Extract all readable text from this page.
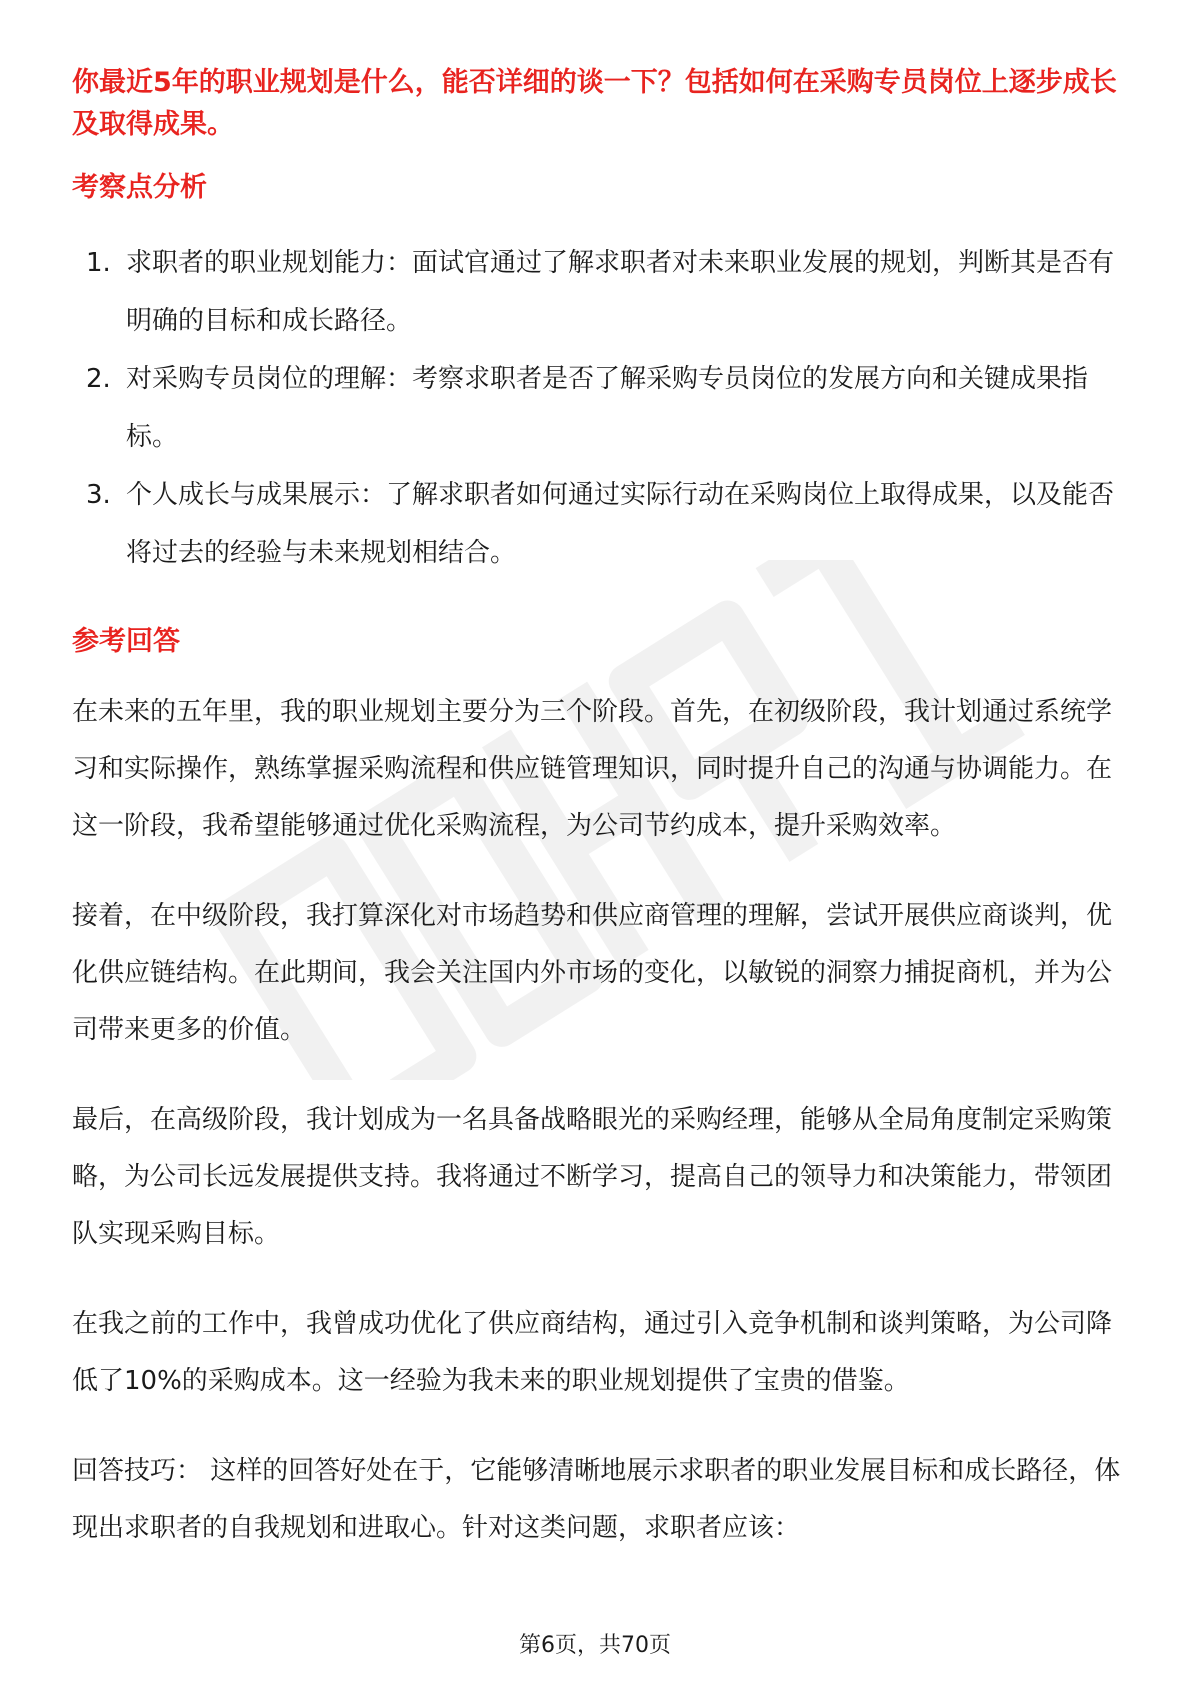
你最近5年的职业规划是什么，能否详细的谈一下？包括如何在采购专员岗位上逐步成长及取得成果。

考察点分析
1. 求职者的职业规划能力：面试官通过了解求职者对未来职业发展的规划，判断其是否有明确的目标和成长路径。
2. 对采购专员岗位的理解：考察求职者是否了解采购专员岗位的发展方向和关键成果指标。
3. 个人成长与成果展示：了解求职者如何通过实际行动在采购岗位上取得成果，以及能否将过去的经验与未来规划相结合。
参考回答

在未来的五年里，我的职业规划主要分为三个阶段。首先，在初级阶段，我计划通过系统学习和实际操作，熟练掌握采购流程和供应链管理知识，同时提升自己的沟通与协调能力。在这一阶段，我希望能够通过优化采购流程，为公司节约成本，提升采购效率。

接着，在中级阶段，我打算深化对市场趋势和供应商管理的理解，尝试开展供应商谈判，优化供应链结构。在此期间，我会关注国内外市场的变化，以敏锐的洞察力捕捉商机，并为公司带来更多的价值。

最后，在高级阶段，我计划成为一名具备战略眼光的采购经理，能够从全局角度制定采购策略，为公司长远发展提供支持。我将通过不断学习，提高自己的领导力和决策能力，带领团队实现采购目标。

在我之前的工作中，我曾成功优化了供应商结构，通过引入竞争机制和谈判策略，为公司降低了10%的采购成本。这一经验为我未来的职业规划提供了宝贵的借鉴。

回答技巧： 这样的回答好处在于，它能够清晰地展示求职者的职业发展目标和成长路径，体现出求职者的自我规划和进取心。针对这类问题，求职者应该：

第6页，共70页
